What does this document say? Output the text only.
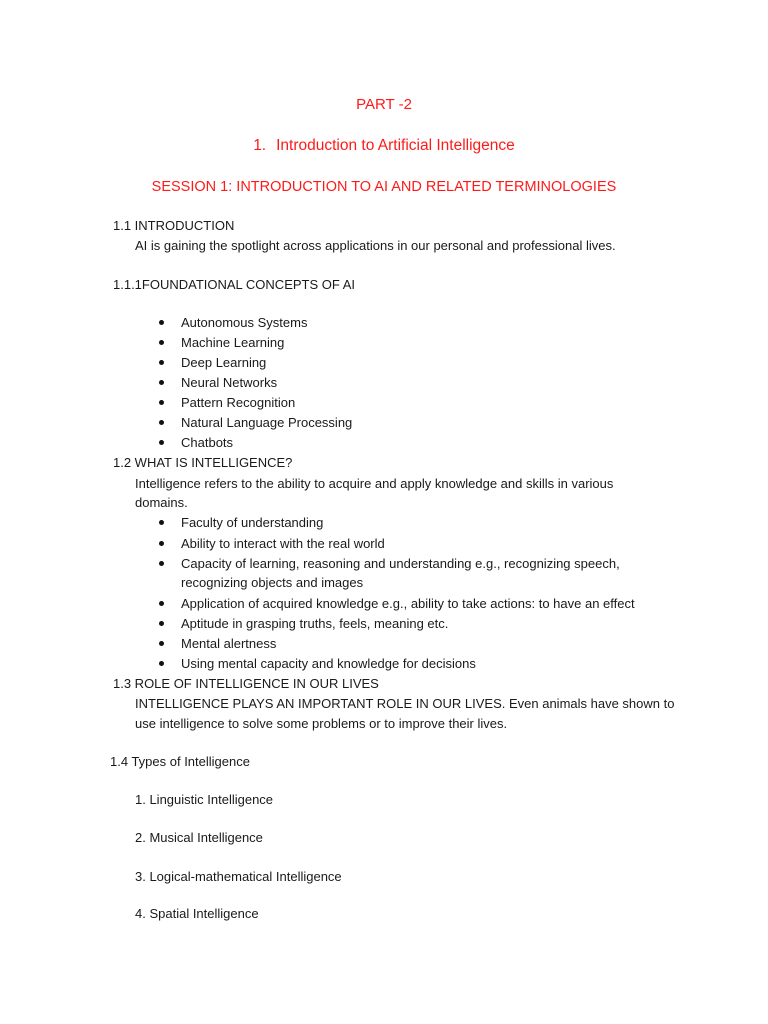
PART -2
1. Introduction to Artificial Intelligence
SESSION 1: INTRODUCTION TO AI AND RELATED TERMINOLOGIES
1.1 INTRODUCTION
AI is gaining the spotlight across applications in our personal and professional lives.
1.1.1FOUNDATIONAL CONCEPTS OF AI
Autonomous Systems
Machine Learning
Deep Learning
Neural Networks
Pattern Recognition
Natural Language Processing
Chatbots
1.2 WHAT IS INTELLIGENCE?
Intelligence refers to the ability to acquire and apply knowledge and skills in various
domains.
Faculty of understanding
Ability to interact with the real world
Capacity of learning, reasoning and understanding e.g., recognizing speech,
recognizing objects and images
Application of acquired knowledge e.g., ability to take actions: to have an effect
Aptitude in grasping truths, feels, meaning etc.
Mental alertness
Using mental capacity and knowledge for decisions
1.3 ROLE OF INTELLIGENCE IN OUR LIVES
INTELLIGENCE PLAYS AN IMPORTANT ROLE IN OUR LIVES. Even animals have shown to
use intelligence to solve some problems or to improve their lives.
1.4 Types of Intelligence
1. Linguistic Intelligence
2. Musical Intelligence
3. Logical-mathematical Intelligence
4. Spatial Intelligence
